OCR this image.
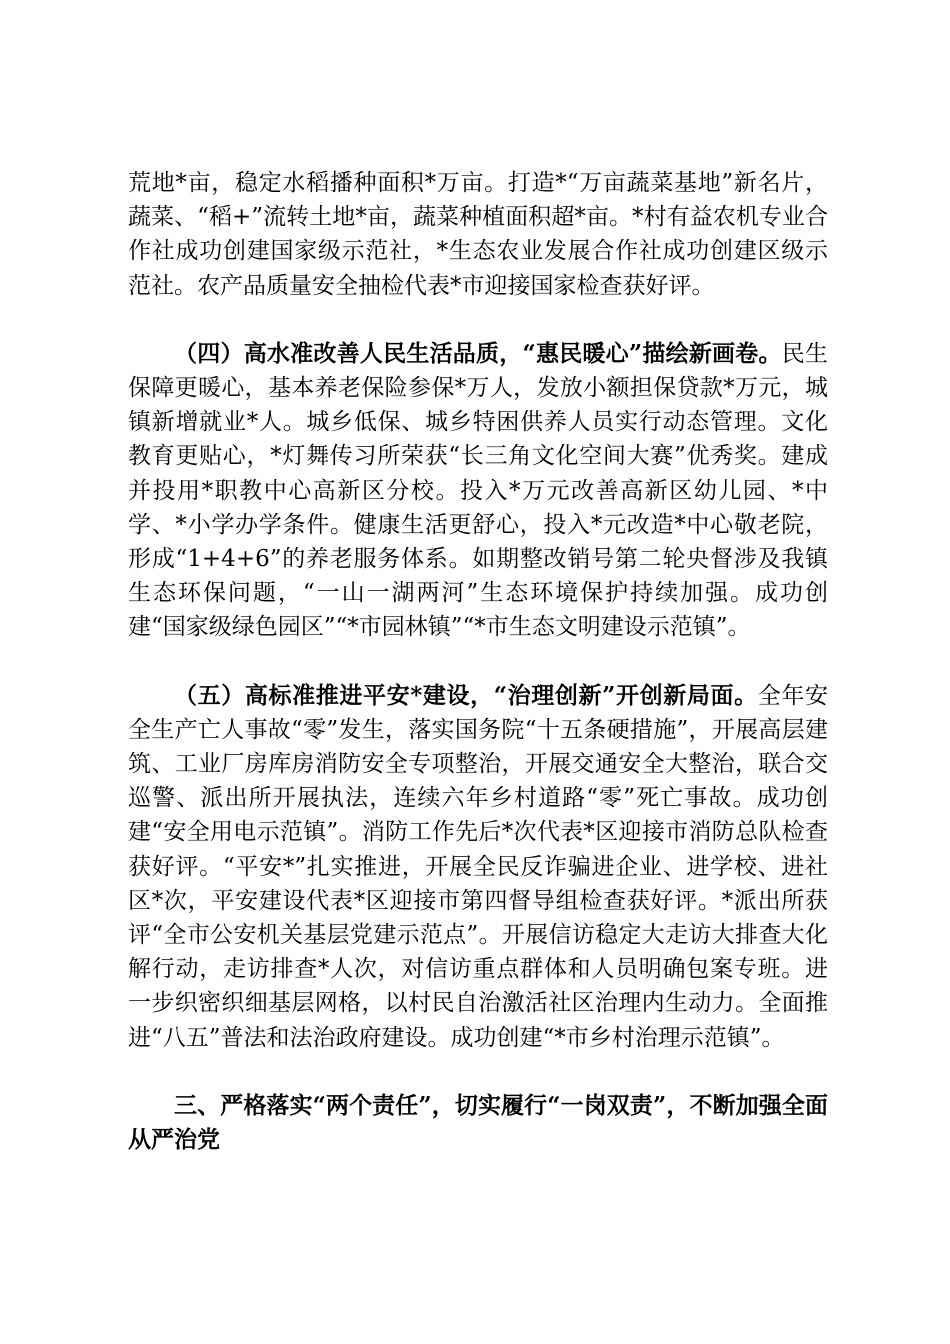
荒地*亩，稳定水稻播种面积*万亩。打造*“万亩蔬菜基地”新名片，蔬菜、“稻+”流转土地*亩，蔬菜种植面积超*亩。*村有益农机专业合作社成功创建国家级示范社，*生态农业发展合作社成功创建区级示范社。农产品质量安全抽检代表*市迎接国家检查获好评。

（四）高水准改善人民生活品质，“惠民暖心”描绘新画卷。民生保障更暖心，基本养老保险参保*万人，发放小额担保贷款*万元，城镇新增就业*人。城乡低保、城乡特困供养人员实行动态管理。文化教育更贴心，*灯舞传习所荣获“长三角文化空间大赛”优秀奖。建成并投用*职教中心高新区分校。投入*万元改善高新区幼儿园、*中学、*小学办学条件。健康生活更舒心，投入*元改造*中心敬老院，形成“1+4+6”的养老服务体系。如期整改销号第二轮央督涉及我镇生态环保问题，“一山一湖两河”生态环境保护持续加强。成功创建“国家级绿色园区”“*市园林镇”“*市生态文明建设示范镇”。

（五）高标准推进平安*建设，“治理创新”开创新局面。全年安全生产亡人事故“零”发生，落实国务院“十五条硬措施”，开展高层建筑、工业厂房库房消防安全专项整治，开展交通安全大整治，联合交巡警、派出所开展执法，连续六年乡村道路“零”死亡事故。成功创建“安全用电示范镇”。消防工作先后*次代表*区迎接市消防总队检查获好评。“平安*”扎实推进，开展全民反诈骗进企业、进学校、进社区*次，平安建设代表*区迎接市第四督导组检查获好评。*派出所获评“全市公安机关基层党建示范点”。开展信访稳定大走访大排查大化解行动，走访排查*人次，对信访重点群体和人员明确包案专班。进一步织密织细基层网格，以村民自治激活社区治理内生动力。全面推进“八五”普法和法治政府建设。成功创建“*市乡村治理示范镇”。

三、严格落实“两个责任”，切实履行“一岗双责”，不断加强全面从严治党
